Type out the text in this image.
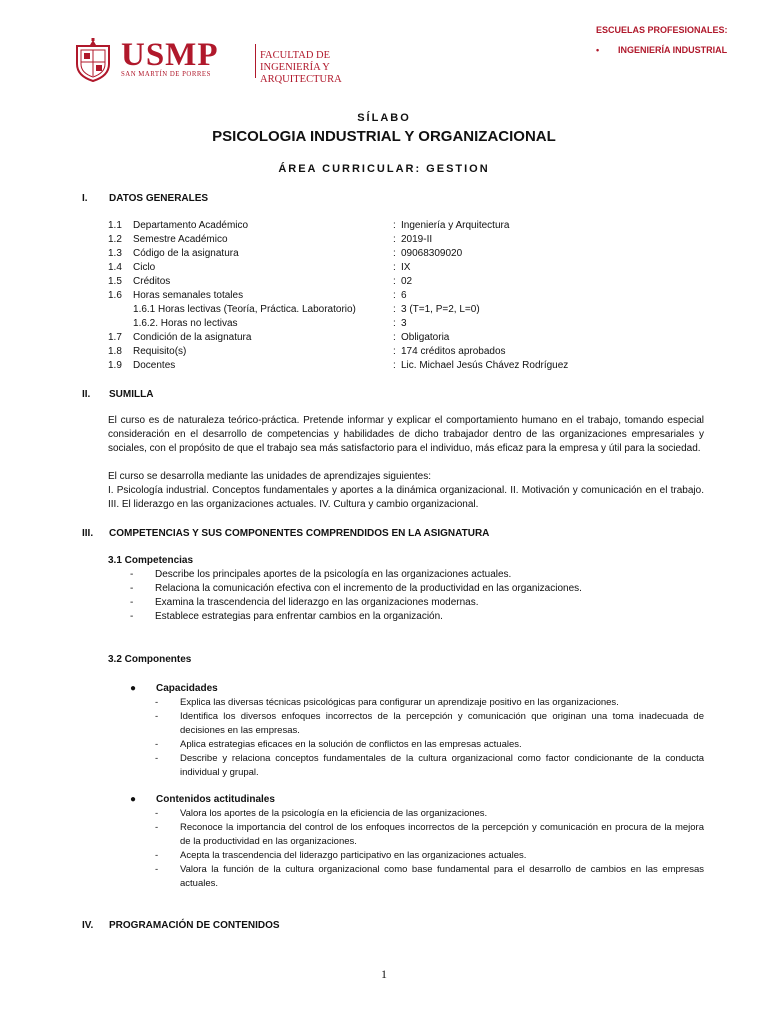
ESCUELAS PROFESIONALES:
• INGENIERÍA INDUSTRIAL
USMP
SAN MARTÍN DE PORRES
FACULTAD DE
INGENIERÍA Y ARQUITECTURA
SÍLABO
PSICOLOGIA INDUSTRIAL Y ORGANIZACIONAL
ÁREA CURRICULAR: GESTION
I. DATOS GENERALES
1.1    Departamento Académico	: Ingeniería y Arquitectura
1.2    Semestre Académico	: 2019-II
1.3    Código de la asignatura	: 09068309020
1.4    Ciclo	: IX
1.5    Créditos	: 02
1.6    Horas semanales totales	: 6
1.6.1 Horas lectivas (Teoría, Práctica. Laboratorio)	: 3 (T=1, P=2, L=0)
1.6.2. Horas no lectivas	: 3
1.7    Condición de la asignatura	: Obligatoria
1.8    Requisito(s)	: 174 créditos aprobados
1.9    Docentes	: Lic. Michael Jesús Chávez Rodríguez
II. SUMILLA
El curso es de naturaleza teórico-práctica. Pretende informar y explicar el comportamiento humano en el trabajo, tomando especial consideración en el desarrollo de competencias y habilidades de dicho trabajador dentro de las organizaciones empresariales y sociales, con el propósito de que el trabajo sea más satisfactorio para el individuo, más eficaz para la empresa y útil para la sociedad.
El curso se desarrolla mediante las unidades de aprendizajes siguientes:
I. Psicología industrial. Conceptos fundamentales y aportes a la dinámica organizacional. II. Motivación y comunicación en el trabajo. III. El liderazgo en las organizaciones actuales. IV. Cultura y cambio organizacional.
III. COMPETENCIAS Y SUS COMPONENTES COMPRENDIDOS EN LA ASIGNATURA
3.1 Competencias
- Describe los principales aportes de la psicología en las organizaciones actuales.
- Relaciona la comunicación efectiva con el incremento de la productividad en las organizaciones.
- Examina la trascendencia del liderazgo en las organizaciones modernas.
- Establece estrategias para enfrentar cambios en la organización.
3.2 Componentes
● Capacidades
- Explica las diversas técnicas psicológicas para configurar un aprendizaje positivo en las organizaciones.
- Identifica los diversos enfoques incorrectos de la percepción y comunicación que originan una toma inadecuada de decisiones en las empresas.
- Aplica estrategias eficaces en la solución de conflictos en las empresas actuales.
- Describe y relaciona conceptos fundamentales de la cultura organizacional como factor condicionante de la conducta individual y grupal.
● Contenidos actitudinales
- Valora los aportes de la psicología en la eficiencia de las organizaciones.
- Reconoce la importancia del control de los enfoques incorrectos de la percepción y comunicación en procura de la mejora de la productividad en las organizaciones.
- Acepta la trascendencia del liderazgo participativo en las organizaciones actuales.
- Valora la función de la cultura organizacional como base fundamental para el desarrollo de cambios en las empresas actuales.
IV. PROGRAMACIÓN DE CONTENIDOS
1
